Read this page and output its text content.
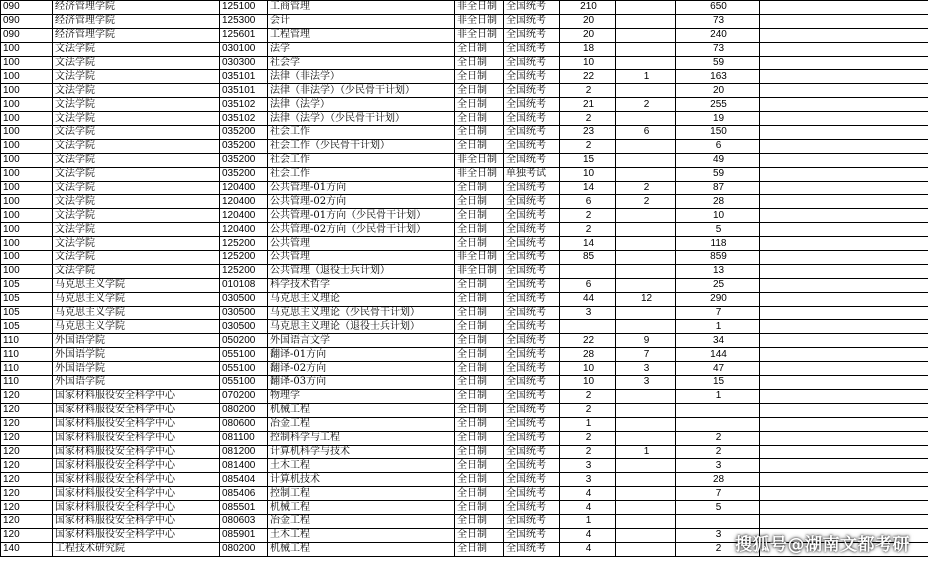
090	经济管理学院	125100	工商管理	非全日制	全国统考	210		650	
090	经济管理学院	125300	会计	非全日制	全国统考	20		73	
090	经济管理学院	125601	工程管理	非全日制	全国统考	20		240	
100	文法学院	030100	法学	全日制	全国统考	18		73	
100	文法学院	030300	社会学	全日制	全国统考	10		59	
100	文法学院	035101	法律（非法学）	全日制	全国统考	22	1	163	
100	文法学院	035101	法律（非法学）（少民骨干计划）	全日制	全国统考	2		20	
100	文法学院	035102	法律（法学）	全日制	全国统考	21	2	255	
100	文法学院	035102	法律（法学）（少民骨干计划）	全日制	全国统考	2		19	
100	文法学院	035200	社会工作	全日制	全国统考	23	6	150	
100	文法学院	035200	社会工作（少民骨干计划）	全日制	全国统考	2		6	
100	文法学院	035200	社会工作	非全日制	全国统考	15		49	
100	文法学院	035200	社会工作	非全日制	单独考试	10		59	
100	文法学院	120400	公共管理-01方向	全日制	全国统考	14	2	87	
100	文法学院	120400	公共管理-02方向	全日制	全国统考	6	2	28	
100	文法学院	120400	公共管理-01方向（少民骨干计划）	全日制	全国统考	2		10	
100	文法学院	120400	公共管理-02方向（少民骨干计划）	全日制	全国统考	2		5	
100	文法学院	125200	公共管理	全日制	全国统考	14		118	
100	文法学院	125200	公共管理	非全日制	全国统考	85		859	
100	文法学院	125200	公共管理（退役士兵计划）	非全日制	全国统考			13	
105	马克思主义学院	010108	科学技术哲学	全日制	全国统考	6		25	
105	马克思主义学院	030500	马克思主义理论	全日制	全国统考	44	12	290	
105	马克思主义学院	030500	马克思主义理论（少民骨干计划）	全日制	全国统考	3		7	
105	马克思主义学院	030500	马克思主义理论（退役士兵计划）	全日制	全国统考			1	
110	外国语学院	050200	外国语言文学	全日制	全国统考	22	9	34	
110	外国语学院	055100	翻译-01方向	全日制	全国统考	28	7	144	
110	外国语学院	055100	翻译-02方向	全日制	全国统考	10	3	47	
110	外国语学院	055100	翻译-03方向	全日制	全国统考	10	3	15	
120	国家材料服役安全科学中心	070200	物理学	全日制	全国统考	2		1	
120	国家材料服役安全科学中心	080200	机械工程	全日制	全国统考	2			
120	国家材料服役安全科学中心	080600	冶金工程	全日制	全国统考	1			
120	国家材料服役安全科学中心	081100	控制科学与工程	全日制	全国统考	2		2	
120	国家材料服役安全科学中心	081200	计算机科学与技术	全日制	全国统考	2	1	2	
120	国家材料服役安全科学中心	081400	土木工程	全日制	全国统考	3		3	
120	国家材料服役安全科学中心	085404	计算机技术	全日制	全国统考	3		28	
120	国家材料服役安全科学中心	085406	控制工程	全日制	全国统考	4		7	
120	国家材料服役安全科学中心	085501	机械工程	全日制	全国统考	4		5	
120	国家材料服役安全科学中心	080603	冶金工程	全日制	全国统考	1			
120	国家材料服役安全科学中心	085901	土木工程	全日制	全国统考	4		3	
140	工程技术研究院	080200	机械工程	全日制	全国统考	4		2	搜狐号@湖南文都考研
